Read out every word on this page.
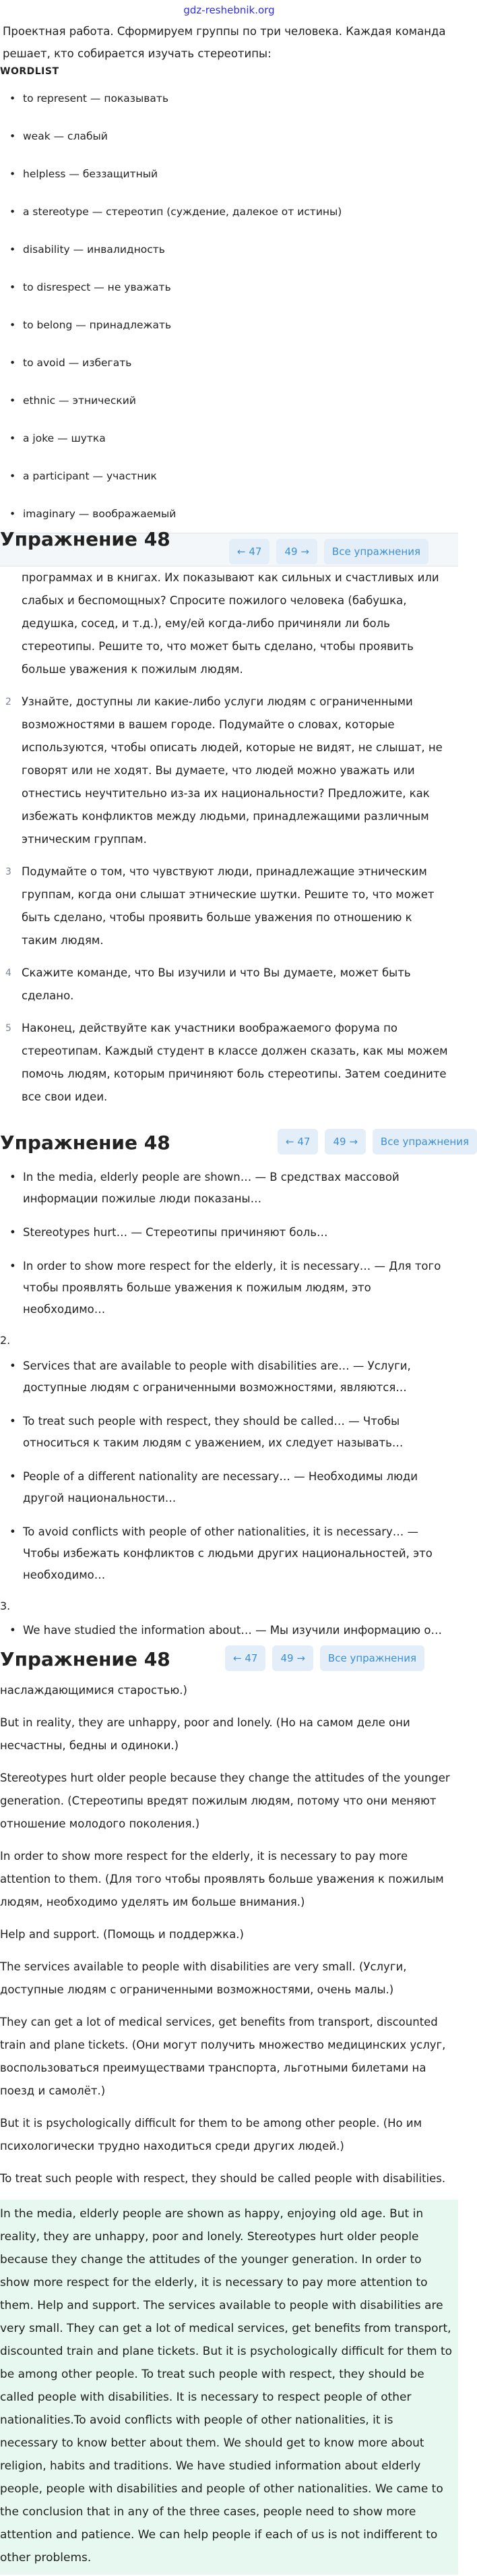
gdz-reshebnik.org

Проектная работа. Сформируем группы по три человека. Каждая команда решает, кто собирается изучать стереотипы:

WORDLIST
• to represent — показывать
• weak — слабый
• helpless — беззащитный
• a stereotype — стереотип (суждение, далекое от истины)
• disability — инвалидность
• to disrespect — не уважать
• to belong — принадлежать
• to avoid — избегать
• ethnic — этнический
• a joke — шутка
• a participant — участник
• imaginary — воображаемый
Упражнение 48
←
47 49
→	Все упражнения
программах и в книгах. Их показывают как сильных и счастливых или слабых и беспомощных? Спросите пожилого человека (бабушка, дедушка, сосед, и т.д.), ему/ей когда-либо причиняли ли боль стереотипы. Решите то, что может быть сделано, чтобы проявить больше уважения к пожилым людям.
2 Узнайте, доступны ли какие-либо услуги людям с ограниченными возможностями в вашем городе. Подумайте о словах, которые используются, чтобы описать людей, которые не видят, не слышат, не говорят или не ходят. Вы думаете, что людей можно уважать или отнестись неучтительно из-за их национальности? Предложите, как избежать конфликтов между людьми, принадлежащими различным этническим группам.
3 Подумайте о том, что чувствуют люди, принадлежащие этническим группам, когда они слышат этнические шутки. Решите то, что может быть сделано, чтобы проявить больше уважения по отношению к таким людям.
4 Скажите команде, что Вы изучили и что Вы думаете, может быть сделано.
5 Наконец, действуйте как участники воображаемого форума по стереотипам. Каждый студент в классе должен сказать, как мы можем помочь людям, которым причиняют боль стереотипы. Затем соедините все свои идеи.
Упражнение 48	←
47 49
→	Все упражнения
• In the media, elderly people are shown… — В средствах массовой информации пожилые люди показаны…
• Stereotypes hurt… — Стереотипы причиняют боль…
• In order to show more respect for the elderly, it is necessary… — Для того чтобы проявлять больше уважения к пожилым людям, это необходимо…
2.
• Services that are available to people with disabilities are… — Услуги, доступные людям с ограниченными возможностями, являются…
• To treat such people with respect, they should be called… — Чтобы относиться к таким людям с уважением, их следует называть…
• People of a different nationality are necessary… — Необходимы люди другой национальности…
• To avoid conflicts with people of other nationalities, it is necessary… — Чтобы избежать конфликтов с людьми других национальностей, это необходимо…
3.
• We have studied the information about… — Мы изучили информацию о…
Упражнение 48	←
47 49
→	Все упражнения

наслаждающимися старостью.)

But in reality, they are unhappy, poor and lonely. (Но на самом деле они несчастны, бедны и одиноки.)

Stereotypes hurt older people because they change the attitudes of the younger generation. (Стереотипы вредят пожилым людям, потому что они меняют отношение молодого поколения.)

In order to show more respect for the elderly, it is necessary to pay more attention to them. (Для того чтобы проявлять больше уважения к пожилым людям, необходимо уделять им больше внимания.)

Help and support. (Помощь и поддержка.)

The services available to people with disabilities are very small. (Услуги, доступные людям с ограниченными возможностями, очень малы.)

They can get a lot of medical services, get benefits from transport, discounted train and plane tickets. (Они могут получить множество медицинских услуг, воспользоваться преимуществами транспорта, льготными билетами на поезд и самолёт.)

But it is psychologically difficult for them to be among other people. (Но им психологически трудно находиться среди других людей.)

To treat such people with respect, they should be called people with disabilities.

In the media, elderly people are shown as happy, enjoying old age. But in reality, they are unhappy, poor and lonely. Stereotypes hurt older people because they change the attitudes of the younger generation. In order to show more respect for the elderly, it is necessary to pay more attention to them. Help and support. The services available to people with disabilities are very small. They can get a lot of medical services, get benefits from transport, discounted train and plane tickets. But it is psychologically difficult for them to be among other people. To treat such people with respect, they should be called people with disabilities. It is necessary to respect people of other nationalities.To avoid conflicts with people of other nationalities, it is necessary to know better about them. We should get to know more about religion, habits and traditions. We have studied information about elderly people, people with disabilities and people of other nationalities. We came to the conclusion that in any of the three cases, people need to show more attention and patience. We can help people if each of us is not indifferent to other problems.
